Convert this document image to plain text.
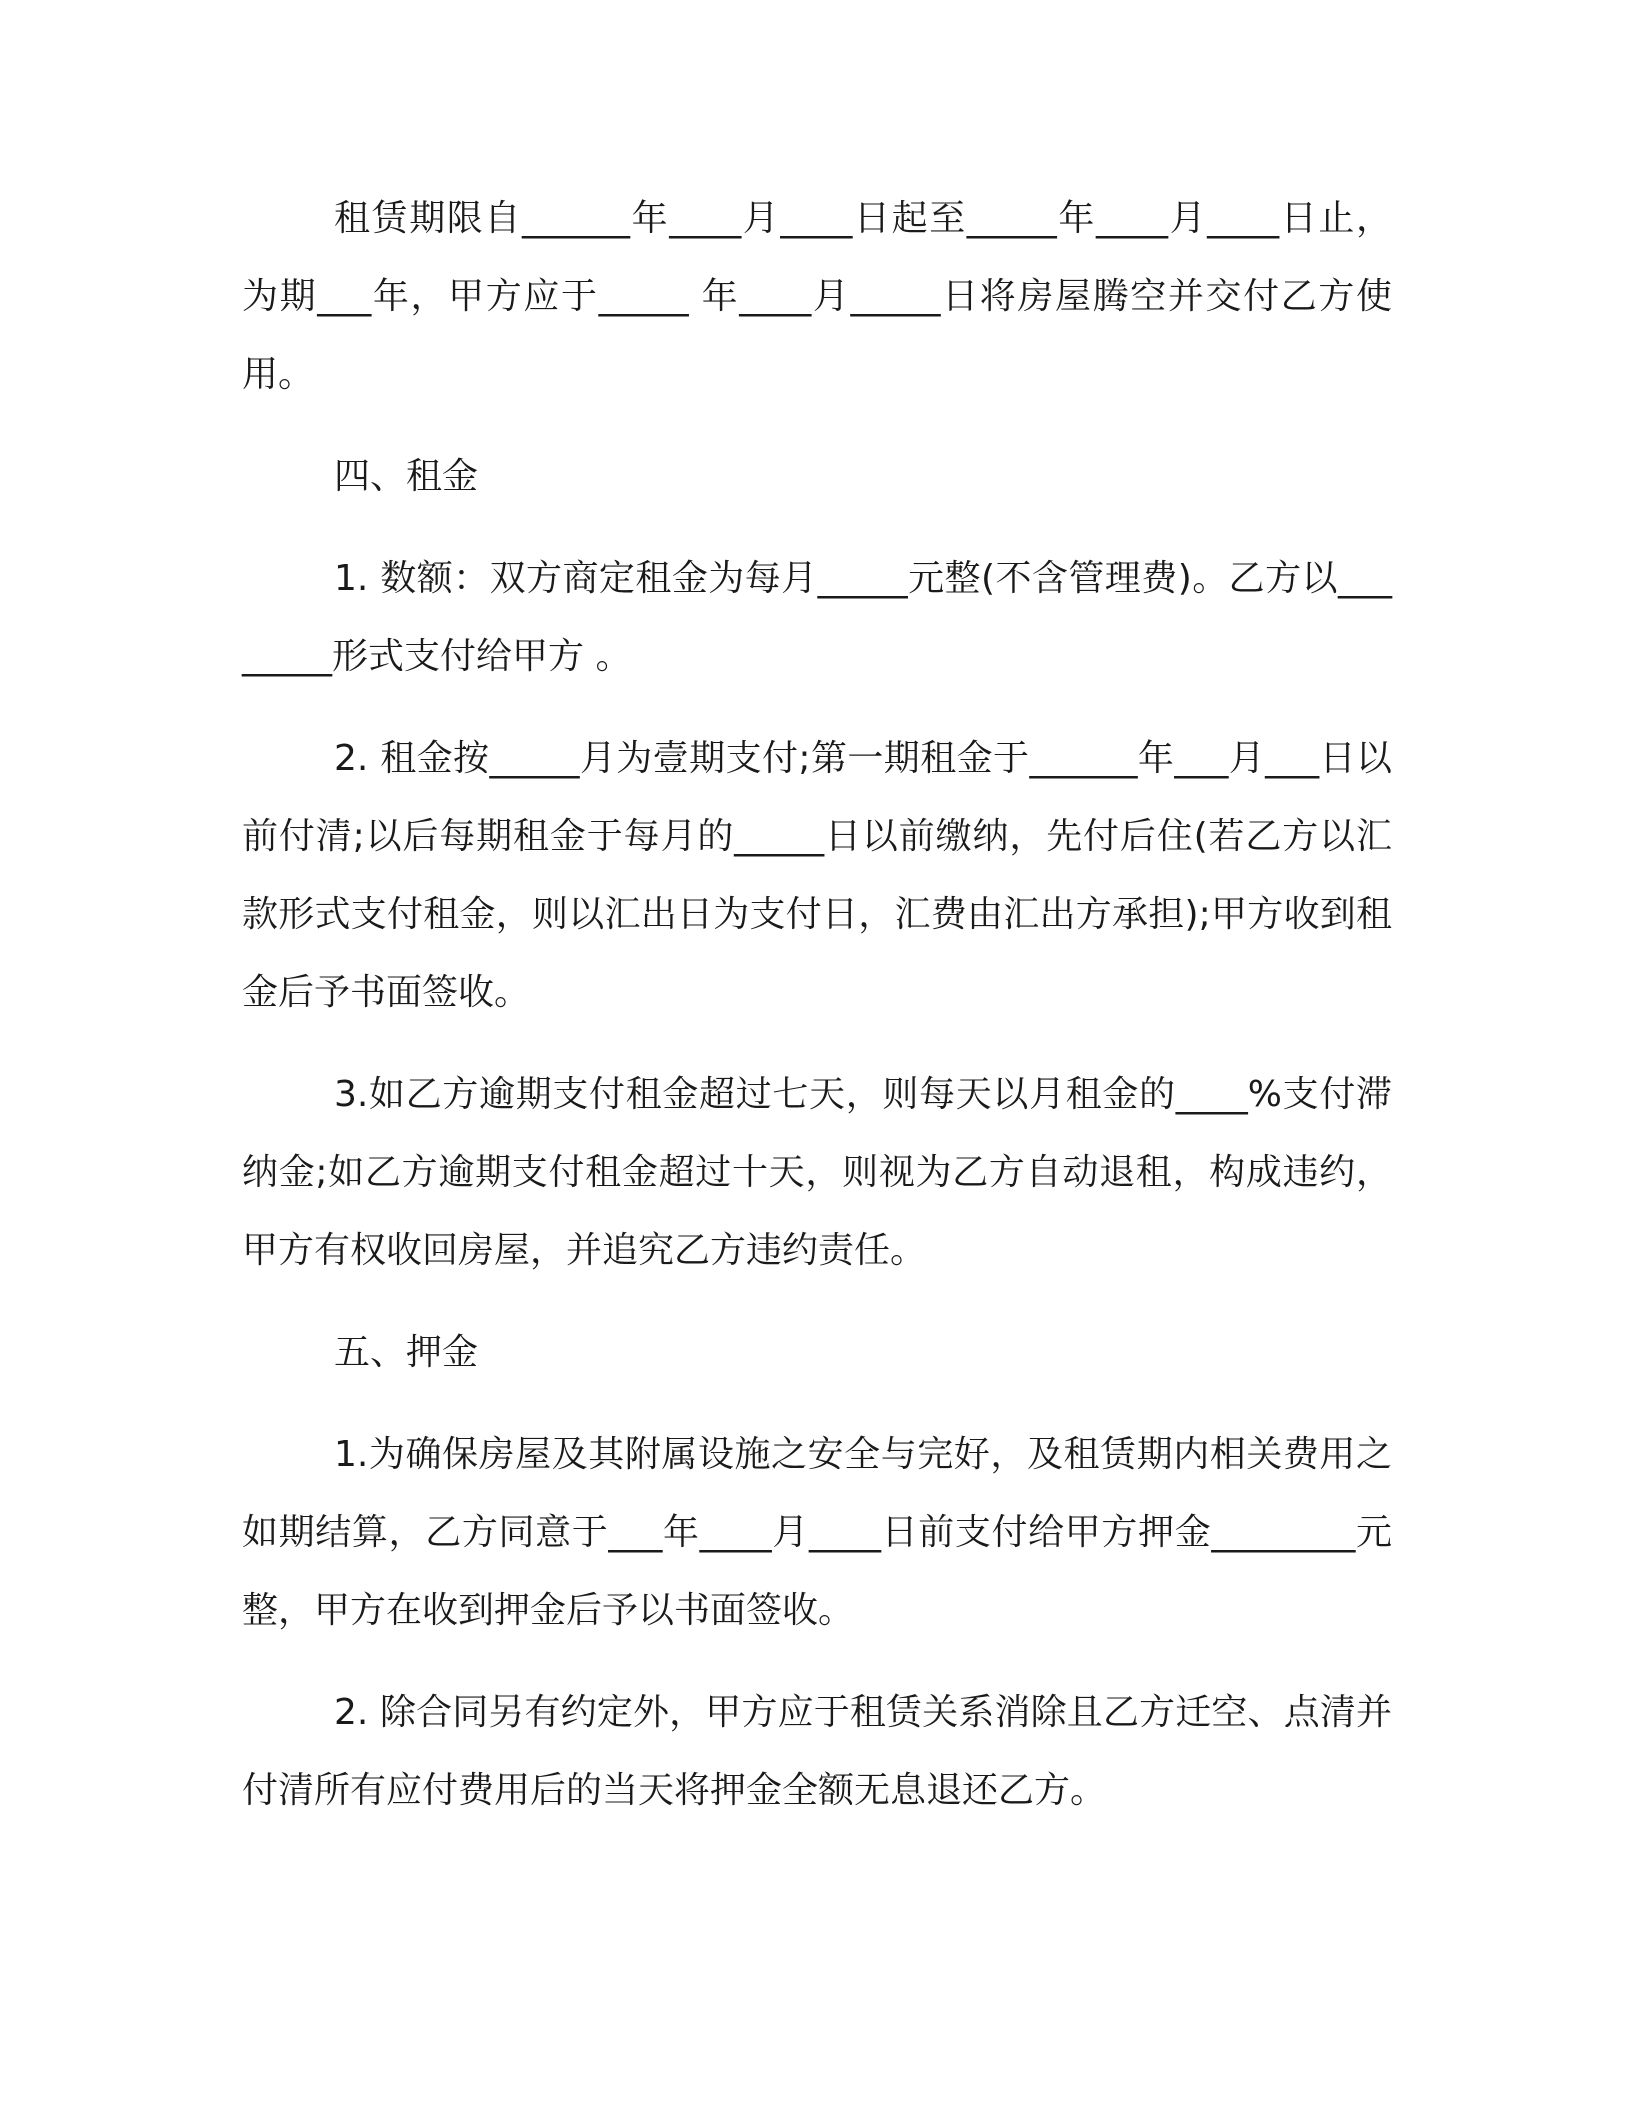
租赁期限自______年____月____日起至_____年____月____日止，为期___年，甲方应于_____ 年____月_____日将房屋腾空并交付乙方使用。

四、租金

1. 数额：双方商定租金为每月_____元整(不含管理费)。乙方以________形式支付给甲方 。

2. 租金按_____月为壹期支付;第一期租金于______年___月___日以前付清;以后每期租金于每月的_____日以前缴纳，先付后住(若乙方以汇款形式支付租金，则以汇出日为支付日，汇费由汇出方承担);甲方收到租金后予书面签收。

3.如乙方逾期支付租金超过七天，则每天以月租金的____%支付滞纳金;如乙方逾期支付租金超过十天，则视为乙方自动退租，构成违约，甲方有权收回房屋，并追究乙方违约责任。

五、押金

1.为确保房屋及其附属设施之安全与完好，及租赁期内相关费用之如期结算，乙方同意于___年____月____日前支付给甲方押金________元整，甲方在收到押金后予以书面签收。

2. 除合同另有约定外，甲方应于租赁关系消除且乙方迁空、点清并付清所有应付费用后的当天将押金全额无息退还乙方。
